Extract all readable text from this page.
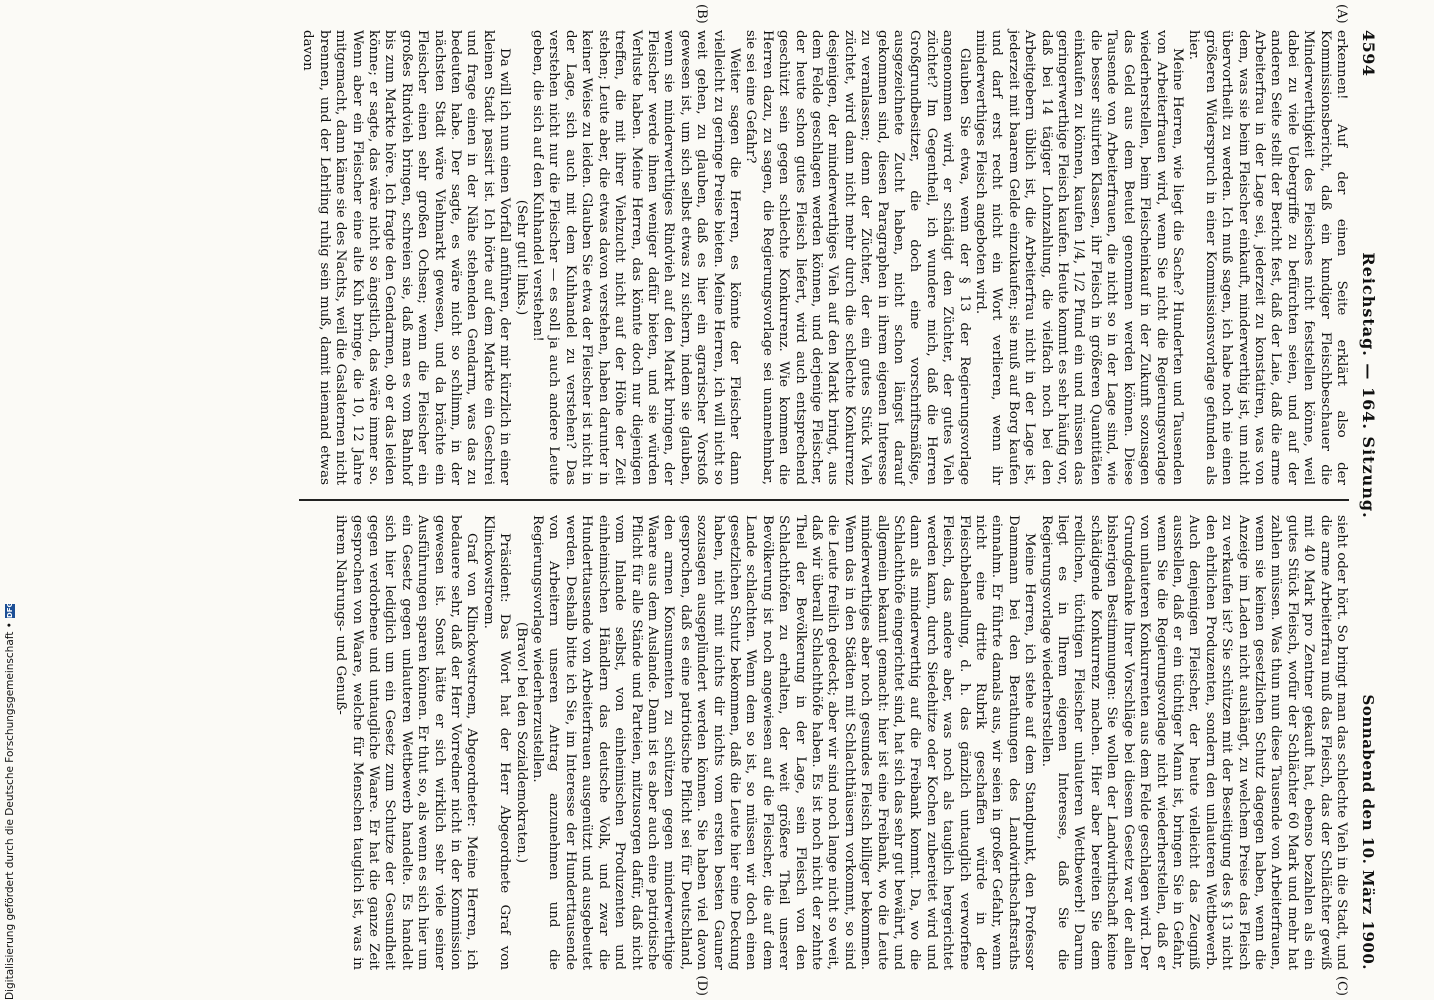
4594
Reichstag. — 164. Sitzung.
Sonnabend den 10. März 1900.
(A)
(B)
(C)
(D)

erkennen! Auf der einen Seite erklärt also der Kommissionsbericht, daß ein kundiger Fleischbeschauer die Minderwerthigkeit des Fleisches nicht feststellen könne, weil dabei zu viele Uebergriffe zu befürchten seien, und auf der anderen Seite stellt der Bericht fest, daß der Laie, daß die arme Arbeiterfrau in der Lage sei, jederzeit zu konstatiren, was von dem, was sie beim Fleischer einkauft, minderwerthig ist, um nicht übervortheilt zu werden. Ich muß sagen, ich habe noch nie einen größeren Widerspruch in einer Kommissionsvorlage gefunden als hier.

Meine Herren, wie liegt die Sache? Hunderten und Tausenden von Arbeiterfrauen wird, wenn Sie nicht die Regierungsvorlage wiederherstellen, beim Fleischeinkauf in der Zukunft sozusagen das Geld aus dem Beutel genommen werden können. Diese Tausende von Arbeiterfrauen, die nicht so in der Lage sind, wie die besser situirten Klassen, ihr Fleisch in größeren Quantitäten einkaufen zu können, kaufen 1/4, 1/2 Pfund ein und müssen das geringerwerthige Fleisch kaufen. Heute kommt es sehr häufig vor, daß bei 14 tägiger Lohnzahlung, die vielfach noch bei den Arbeitgebern üblich ist, die Arbeiterfrau nicht in der Lage ist, jederzeit mit baarem Gelde einzukaufen; sie muß auf Borg kaufen und darf erst recht nicht ein Wort verlieren, wenn ihr minderwerthiges Fleisch angeboten wird.

Glauben Sie etwa, wenn der § 13 der Regierungsvorlage angenommen wird, er schädigt den Züchter, der gutes Vieh züchtet? Im Gegentheil, ich wundere mich, daß die Herren Großgrundbesitzer, die doch eine vorschriftsmäßige, ausgezeichnete Zucht haben, nicht schon längst darauf gekommen sind, diesen Paragraphen in ihrem eigenen Interesse zu veranlassen; denn der Züchter, der ein gutes Stück Vieh züchtet, wird dann nicht mehr durch die schlechte Konkurrenz desjenigen, der minderwerthiges Vieh auf den Markt bringt, aus dem Felde geschlagen werden können, und derjenige Fleischer, der heute schon gutes Fleisch liefert, wird auch entsprechend geschützt sein gegen schlechte Konkurrenz. Wie kommen die Herren dazu, zu sagen, die Regierungsvorlage sei unannehmbar, sie sei eine Gefahr?

Weiter sagen die Herren, es könnte der Fleischer dann vielleicht zu geringe Preise bieten. Meine Herren, ich will nicht so weit gehen, zu glauben, daß es hier ein agrarischer Vorstoß gewesen ist, um sich selbst etwas zu sichern, indem sie glauben, wenn sie minderwerthiges Rindvieh auf den Markt bringen, der Fleischer werde ihnen weniger dafür bieten, und sie würden Verluste haben. Meine Herren, das könnte doch nur diejenigen treffen, die mit ihrer Viehzucht nicht auf der Höhe der Zeit stehen; Leute aber, die etwas davon verstehen, haben darunter in keiner Weise zu leiden. Glauben Sie etwa der Fleischer ist nicht in der Lage, sich auch mit dem Kuhhandel zu verstehen? Das verstehen nicht nur die Fleischer — es soll ja auch andere Leute geben, die sich auf den Kuhhandel verstehen!

(Sehr gut! links.)

Da will ich nun einen Vorfall anführen, der mir kürzlich in einer kleinen Stadt passirt ist. Ich hörte auf dem Markte ein Geschrei und frage einen in der Nähe stehenden Gendarm, was das zu bedeuten habe. Der sagte, es wäre nicht so schlimm, in der nächsten Stadt wäre Viehmarkt gewesen, und da brächte ein Fleischer einen sehr großen Ochsen; wenn die Fleischer ein großes Rindvieh bringen, schreien sie, daß man es vom Bahnhof bis zum Markte höre. Ich fragte den Gendarmen, ob er das leiden könne; er sagte, das wäre nicht so ängstlich, das wäre immer so. Wenn aber ein Fleischer eine alte Kuh bringe, die 10, 12 Jahre mitgemacht, dann käme sie des Nachts, weil die Gaslaternen nicht brennen, und der Lehrling ruhig sein muß, damit niemand etwas davon

sieht oder hört. So bringt man das schlechte Vieh in die Stadt, und die arme Arbeiterfrau muß das Fleisch, das der Schlächter gewiß mit 40 Mark pro Zentner gekauft hat, ebenso bezahlen als ein gutes Stück Fleisch, wofür der Schlächter 60 Mark und mehr hat zahlen müssen. Was thun nun diese Tausende von Arbeiterfrauen, wenn sie keinen gesetzlichen Schutz dagegen haben, wenn die Anzeige im Laden nicht aushängt, zu welchem Preise das Fleisch zu verkaufen ist? Sie schützen mit der Beseitigung des § 13 nicht den ehrlichen Produzenten, sondern den unlauteren Wettbewerb. Auch denjenigen Fleischer, der heute vielleicht das Zeugniß ausstellen, daß er ein tüchtiger Mann ist, bringen Sie in Gefahr, wenn Sie die Regierungsvorlage nicht wiederherstellen, daß er von unlauteren Konkurrenten aus dem Felde geschlagen wird. Der Grundgedanke Ihrer Vorschläge bei diesem Gesetz war der allen bisherigen Bestimmungen: Sie wollen der Landwirthschaft keine schädigende Konkurrenz machen. Hier aber bereiten Sie dem redlichen, tüchtigen Fleischer unlauteren Wettbewerb! Darum liegt es in Ihrem eigenen Interesse, daß Sie die Regierungsvorlage wiederherstellen.

Meine Herren, ich stehe auf dem Standpunkt, den Professor Dammann bei den Berathungen des Landwirthschaftsraths einnahm. Er führte damals aus, wir seien in großer Gefahr, wenn nicht eine dritte Rubrik geschaffen würde in der Fleischbehandlung, d. h. das gänzlich untauglich verworfene Fleisch, das andere aber, was noch als tauglich hergerichtet werden kann, durch Siedehitze oder Kochen zubereitet wird und dann als minderwerthig auf die Freibank kommt. Da, wo die Schlachthöfe eingerichtet sind, hat sich das sehr gut bewährt, und allgemein bekannt gemacht: hier ist eine Freibank, wo die Leute minderwerthiges aber noch gesundes Fleisch billiger bekommen. Wenn das in den Städten mit Schlachthäusern vorkommt, so sind die Leute freilich gedeckt; aber wir sind noch lange nicht so weit, daß wir überall Schlachthöfe haben. Es ist noch nicht der zehnte Theil der Bevölkerung in der Lage, sein Fleisch von den Schlachthöfen zu erhalten, der weit größere Theil unserer Bevölkerung ist noch angewiesen auf die Fleischer, die auf dem Lande schlachten. Wenn dem so ist, so müssen wir doch einen gesetzlichen Schutz bekommen, daß die Leute hier eine Deckung haben, nicht mit nichts dir nichts vom ersten besten Gauner sozusagen ausgeplündert werden können. Sie haben viel davon gesprochen, daß es eine patriotische Pflicht sei für Deutschland, den armen Konsumenten zu schützen gegen minderwerthige Waare aus dem Auslande. Dann ist es aber auch eine patriotische Pflicht für alle Stände und Parteien, mitzusorgen dafür, daß nicht vom Inlande selbst, von einheimischen Produzenten und einheimischen Händlern das deutsche Volk, und zwar die Hunderttausende von Arbeiterfrauen ausgenützt und ausgebeutet werden. Deshalb bitte ich Sie, im Interesse der Hunderttausende von Arbeitern unseren Antrag anzunehmen und die Regierungsvorlage wiederherzustellen.

(Bravo! bei den Sozialdemokraten.)

Präsident: Das Wort hat der Herr Abgeordnete Graf von Klinckowstroem.

Graf von Klinckowstroem, Abgeordneter: Meine Herren, ich bedauere sehr, daß der Herr Vorredner nicht in der Kommission gewesen ist. Sonst hätte er sich wirklich sehr viele seiner Ausführungen sparen können. Er thut so, als wenn es sich hier um ein Gesetz gegen unlauteren Wettbewerb handelte. Es handelt sich hier lediglich um ein Gesetz zum Schutze der Gesundheit gegen verdorbene und untaugliche Waare. Er hat die ganze Zeit gesprochen von Waare, welche für Menschen tauglich ist, was in ihrem Nahrungs- und Genuß-

Digitalisierung gefördert durch die Deutsche Forschungsgemeinschaft •
DFG
